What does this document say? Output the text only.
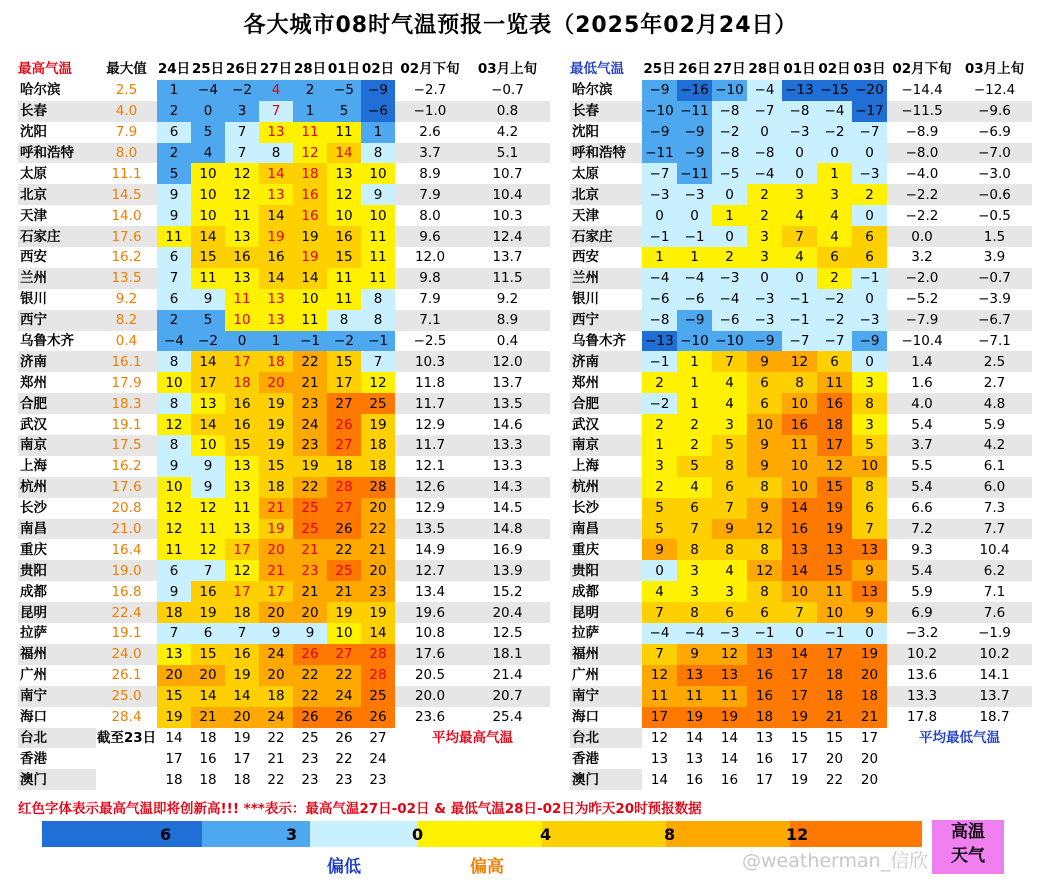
各大城市08时气温预报一览表（2025年02月24日）
最高气温	最大值	24日	25日	26日	27日	28日	01日	02日	02月下旬	03月上旬
哈尔滨	2.5	1	−4	−2	4	2	−5	−9	−2.7	−0.7
长春	4.0	2	0	3	7	1	5	−6	−1.0	0.8
沈阳	7.9	6	5	7	13	11	11	1	2.6	4.2
呼和浩特	8.0	2	4	7	8	12	14	8	3.7	5.1
太原	11.1	5	10	12	14	18	13	10	8.9	10.7
北京	14.5	9	10	12	13	16	12	9	7.9	10.4
天津	14.0	9	10	11	14	16	10	10	8.0	10.3
石家庄	17.6	11	14	13	19	19	16	11	9.6	12.4
西安	16.2	6	15	16	16	19	15	11	12.0	13.7
兰州	13.5	7	11	13	14	14	11	11	9.8	11.5
银川	9.2	6	9	11	13	10	11	8	7.9	9.2
西宁	8.2	2	5	10	13	11	8	8	7.1	8.9
乌鲁木齐	0.4	−4	−2	0	1	−1	−2	−1	−2.5	0.4
济南	16.1	8	14	17	18	22	15	7	10.3	12.0
郑州	17.9	10	17	18	20	21	17	12	11.8	13.7
合肥	18.3	8	13	16	19	23	27	25	11.7	13.5
武汉	19.1	12	14	16	19	24	26	19	12.9	14.6
南京	17.5	8	10	15	19	23	27	18	11.7	13.3
上海	16.2	9	9	13	15	19	18	18	12.1	13.3
杭州	17.6	10	9	13	18	22	28	28	12.6	14.3
长沙	20.8	12	12	11	21	25	27	20	12.9	14.5
南昌	21.0	12	11	13	19	25	26	22	13.5	14.8
重庆	16.4	11	12	17	20	21	22	21	14.9	16.9
贵阳	19.0	6	7	12	21	23	25	20	12.7	13.9
成都	16.8	9	16	17	17	21	21	23	13.4	15.2
昆明	22.4	18	19	18	20	20	19	19	19.6	20.4
拉萨	19.1	7	6	7	9	9	10	14	10.8	12.5
福州	24.0	13	15	16	24	26	27	28	17.6	18.1
广州	26.1	20	20	19	20	22	22	28	20.5	21.4
南宁	25.0	15	14	14	18	22	24	25	20.0	20.7
海口	28.4	19	21	20	24	26	26	26	23.6	25.4
台北	截至23日	14	18	19	22	25	26	27	平均最高气温	
香港		17	16	17	21	23	22	24		
澳门		18	18	18	22	23	23	23		
最低气温	25日	26日	27日	28日	01日	02日	03日	02月下旬	03月上旬
哈尔滨	−9	−16	−10	−4	−13	−15	−20	−14.4	−12.4
长春	−10	−11	−8	−7	−8	−4	−17	−11.5	−9.6
沈阳	−9	−9	−2	0	−3	−2	−7	−8.9	−6.9
呼和浩特	−11	−9	−8	−8	0	0	0	−8.0	−7.0
太原	−7	−11	−5	−4	0	1	−3	−4.0	−3.0
北京	−3	−3	0	2	3	3	2	−2.2	−0.6
天津	0	0	1	2	4	4	0	−2.2	−0.5
石家庄	−1	−1	0	3	7	4	6	0.0	1.5
西安	1	1	2	3	4	6	6	3.2	3.9
兰州	−4	−4	−3	0	0	2	−1	−2.0	−0.7
银川	−6	−6	−4	−3	−1	−2	0	−5.2	−3.9
西宁	−8	−9	−6	−3	−1	−2	−3	−7.9	−6.7
乌鲁木齐	−13	−10	−10	−9	−7	−7	−9	−10.4	−7.1
济南	−1	1	7	9	12	6	0	1.4	2.5
郑州	2	1	4	6	8	11	3	1.6	2.7
合肥	−2	1	4	6	10	16	8	4.0	4.8
武汉	2	2	3	10	16	18	3	5.4	5.9
南京	1	2	5	9	11	17	5	3.7	4.2
上海	3	5	8	9	10	12	10	5.5	6.1
杭州	2	4	6	8	10	15	8	5.4	6.0
长沙	5	6	7	9	14	19	6	6.6	7.3
南昌	5	7	9	12	16	19	7	7.2	7.7
重庆	9	8	8	8	13	13	13	9.3	10.4
贵阳	0	3	4	12	14	15	9	5.4	6.2
成都	4	3	3	8	10	11	13	5.9	7.1
昆明	7	8	6	6	7	10	9	6.9	7.6
拉萨	−4	−4	−3	−1	0	−1	0	−3.2	−1.9
福州	7	9	12	13	14	17	19	10.2	10.2
广州	12	13	13	16	17	18	20	13.6	14.1
南宁	11	11	11	16	17	18	18	13.3	13.7
海口	17	19	19	18	19	21	21	17.8	18.7
台北	12	14	14	13	15	15	17	平均最低气温	
香港	13	13	14	16	17	20	20		
澳门	14	16	16	17	19	22	20		
红色字体表示最高气温即将创新高!!! ***表示：最高气温27日-02日 & 最低气温28日-02日为昨天20时预报数据
6	3	0	4	8	12
偏低	偏高
高温
天气
@weatherman_信欣
